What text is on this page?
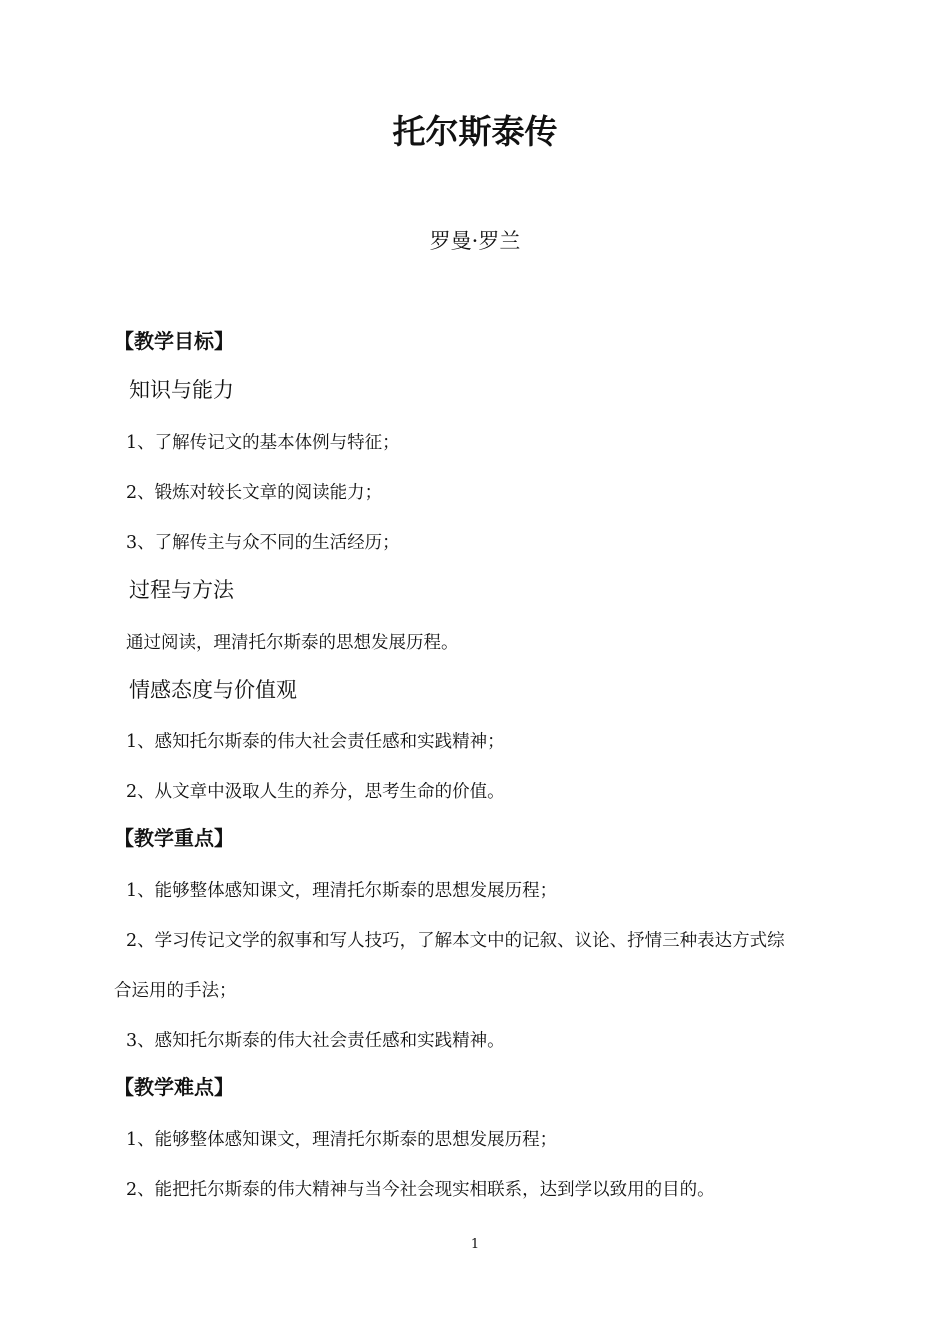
托尔斯泰传
罗曼·罗兰
【教学目标】
知识与能力
1、了解传记文的基本体例与特征；
2、锻炼对较长文章的阅读能力；
3、了解传主与众不同的生活经历；
过程与方法
通过阅读，理清托尔斯泰的思想发展历程。
情感态度与价值观
1、感知托尔斯泰的伟大社会责任感和实践精神；
2、从文章中汲取人生的养分，思考生命的价值。
【教学重点】
1、能够整体感知课文，理清托尔斯泰的思想发展历程；
2、学习传记文学的叙事和写人技巧，了解本文中的记叙、议论、抒情三种表达方式综
合运用的手法；
3、感知托尔斯泰的伟大社会责任感和实践精神。
【教学难点】
1、能够整体感知课文，理清托尔斯泰的思想发展历程；
2、能把托尔斯泰的伟大精神与当今社会现实相联系，达到学以致用的目的。
1
